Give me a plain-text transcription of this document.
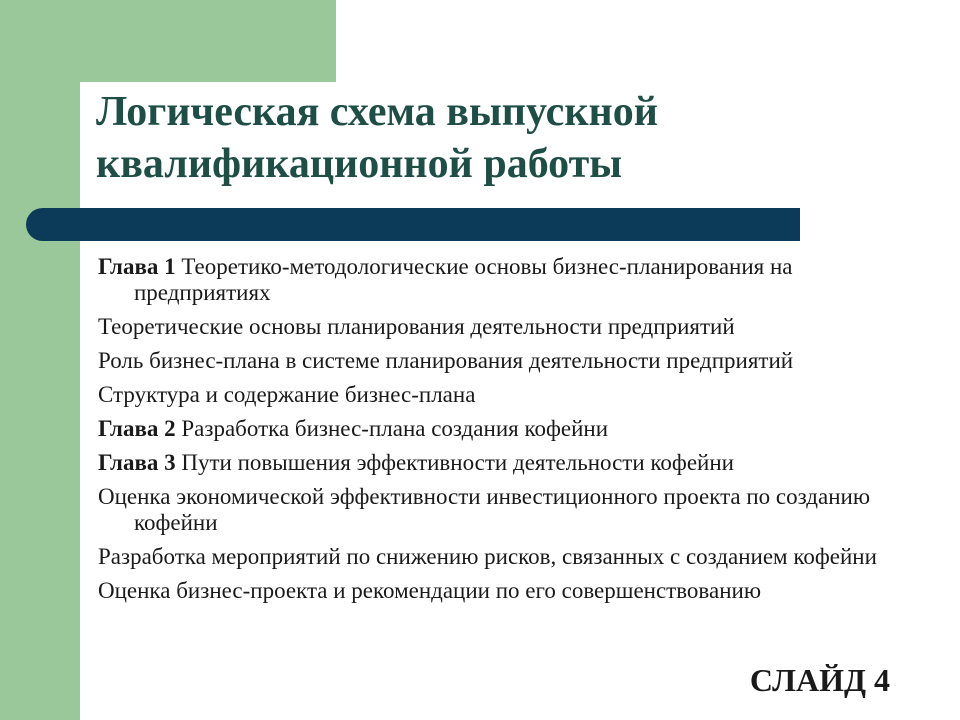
Логическая схема выпускной
квалификационной работы
Глава 1 Теоретико-методологические основы бизнес-планирования на предприятиях
Теоретические основы планирования деятельности предприятий
Роль бизнес-плана в системе планирования деятельности предприятий
Структура и содержание бизнес-плана
Глава 2 Разработка бизнес-плана создания кофейни
Глава 3 Пути повышения эффективности деятельности кофейни
Оценка экономической эффективности инвестиционного проекта по созданию кофейни
Разработка мероприятий по снижению рисков, связанных с созданием кофейни
Оценка бизнес-проекта и рекомендации по его совершенствованию
СЛАЙД 4
